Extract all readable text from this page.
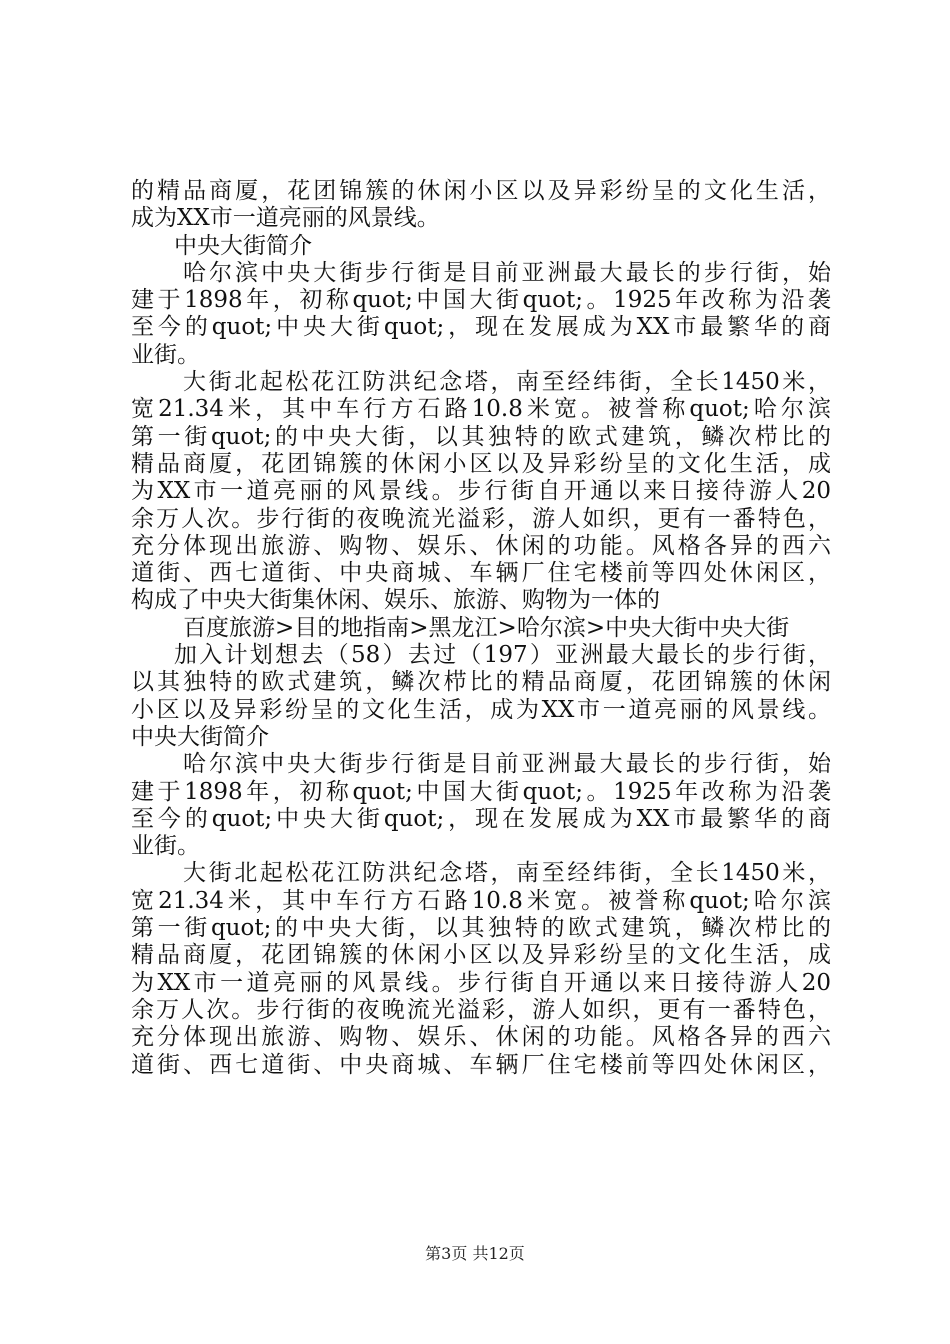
的精品商厦，花团锦簇的休闲小区以及异彩纷呈的文化生活，
成为XX市一道亮丽的风景线。
中央大街简介
哈尔滨中央大街步行街是目前亚洲最大最长的步行街，始
建于1898年，初称quot;中国大街quot;。1925年改称为沿袭
至今的quot;中央大街quot;，现在发展成为XX市最繁华的商
业街。
大街北起松花江防洪纪念塔，南至经纬街，全长1450米，
宽21.34米，其中车行方石路10.8米宽。被誉称quot;哈尔滨
第一街quot;的中央大街，以其独特的欧式建筑，鳞次栉比的
精品商厦，花团锦簇的休闲小区以及异彩纷呈的文化生活，成
为XX市一道亮丽的风景线。步行街自开通以来日接待游人20
余万人次。步行街的夜晚流光溢彩，游人如织，更有一番特色，
充分体现出旅游、购物、娱乐、休闲的功能。风格各异的西六
道街、西七道街、中央商城、车辆厂住宅楼前等四处休闲区，
构成了中央大街集休闲、娱乐、旅游、购物为一体的
百度旅游>目的地指南>黑龙江>哈尔滨>中央大街中央大街
加入计划想去（58）去过（197）亚洲最大最长的步行街，
以其独特的欧式建筑，鳞次栉比的精品商厦，花团锦簇的休闲
小区以及异彩纷呈的文化生活，成为XX市一道亮丽的风景线。
中央大街简介
哈尔滨中央大街步行街是目前亚洲最大最长的步行街，始
建于1898年，初称quot;中国大街quot;。1925年改称为沿袭
至今的quot;中央大街quot;，现在发展成为XX市最繁华的商
业街。
大街北起松花江防洪纪念塔，南至经纬街，全长1450米，
宽21.34米，其中车行方石路10.8米宽。被誉称quot;哈尔滨
第一街quot;的中央大街，以其独特的欧式建筑，鳞次栉比的
精品商厦，花团锦簇的休闲小区以及异彩纷呈的文化生活，成
为XX市一道亮丽的风景线。步行街自开通以来日接待游人20
余万人次。步行街的夜晚流光溢彩，游人如织，更有一番特色，
充分体现出旅游、购物、娱乐、休闲的功能。风格各异的西六
道街、西七道街、中央商城、车辆厂住宅楼前等四处休闲区，
第3页 共12页
